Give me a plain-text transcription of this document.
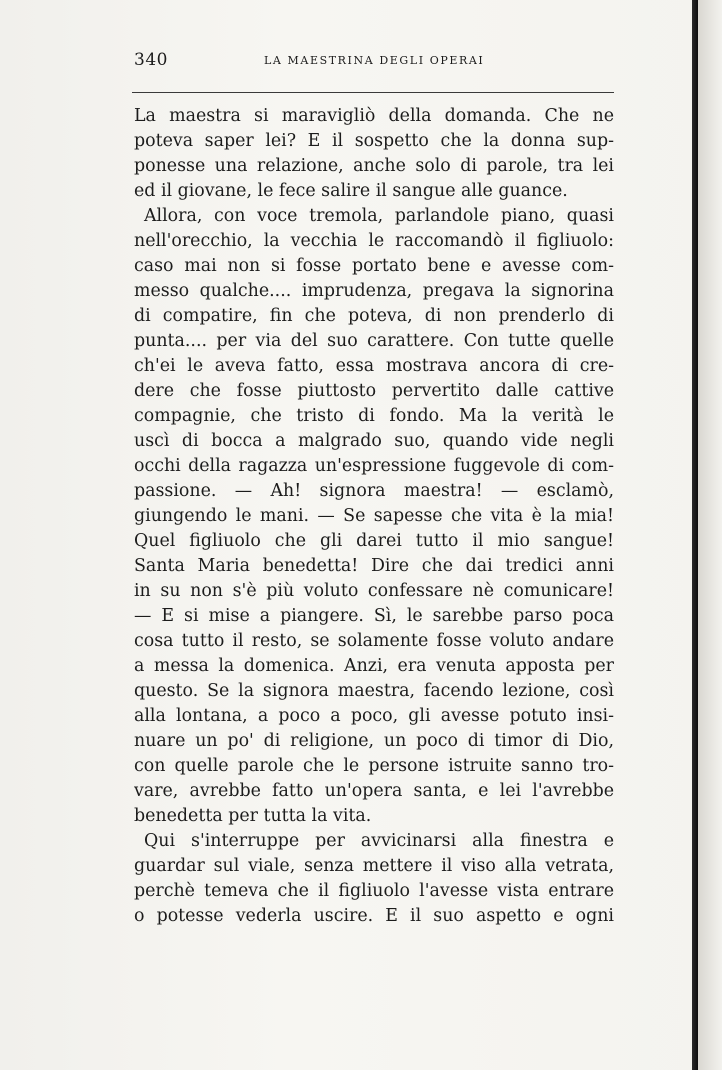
340	LA MAESTRINA DEGLI OPERAI
La maestra si maravigliò della domanda. Che ne
poteva saper lei? E il sospetto che la donna sup-
ponesse una relazione, anche solo di parole, tra lei
ed il giovane, le fece salire il sangue alle guance.
Allora, con voce tremola, parlandole piano, quasi
nell'orecchio, la vecchia le raccomandò il figliuolo:
caso mai non si fosse portato bene e avesse com-
messo qualche.... imprudenza, pregava la signorina
di compatire, fin che poteva, di non prenderlo di
punta.... per via del suo carattere. Con tutte quelle
ch'ei le aveva fatto, essa mostrava ancora di cre-
dere che fosse piuttosto pervertito dalle cattive
compagnie, che tristo di fondo. Ma la verità le
uscì di bocca a malgrado suo, quando vide negli
occhi della ragazza un'espressione fuggevole di com-
passione. — Ah! signora maestra! — esclamò,
giungendo le mani. — Se sapesse che vita è la mia!
Quel figliuolo che gli darei tutto il mio sangue!
Santa Maria benedetta! Dire che dai tredici anni
in su non s'è più voluto confessare nè comunicare!
— E si mise a piangere. Sì, le sarebbe parso poca
cosa tutto il resto, se solamente fosse voluto andare
a messa la domenica. Anzi, era venuta apposta per
questo. Se la signora maestra, facendo lezione, così
alla lontana, a poco a poco, gli avesse potuto insi-
nuare un po' di religione, un poco di timor di Dio,
con quelle parole che le persone istruite sanno tro-
vare, avrebbe fatto un'opera santa, e lei l'avrebbe
benedetta per tutta la vita.
Qui s'interruppe per avvicinarsi alla finestra e
guardar sul viale, senza mettere il viso alla vetrata,
perchè temeva che il figliuolo l'avesse vista entrare
o potesse vederla uscire. E il suo aspetto e ogni
